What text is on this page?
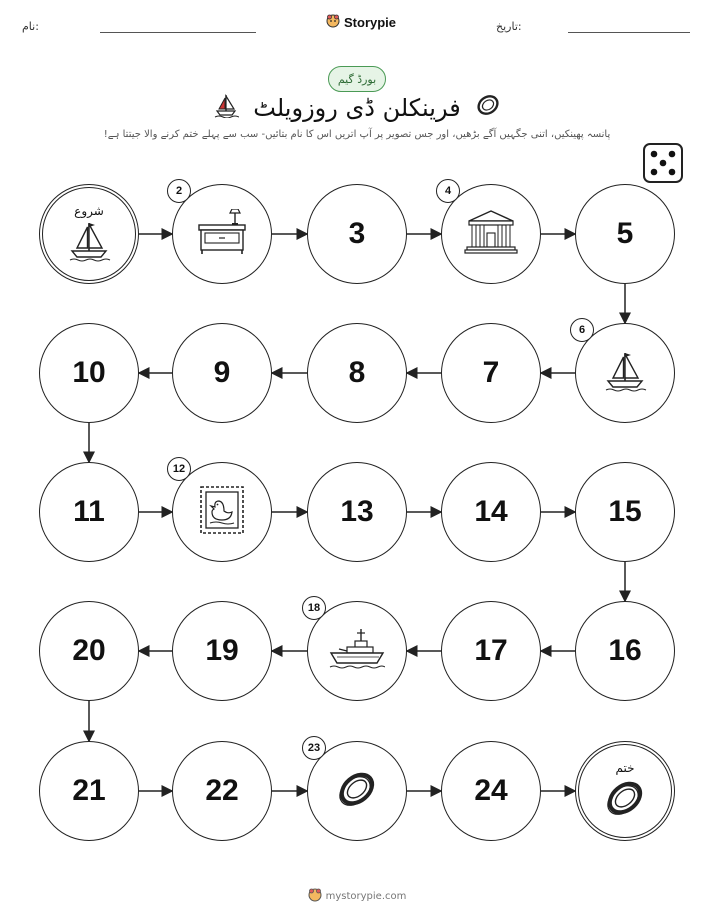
نام:	Storypie	تاریخ:
بورڈ گیم
فرینکلن ڈی روزویلٹ
پانسہ پھینکیں، اتنی جگہیں آگے بڑھیں، اور جس تصویر پر آپ اتریں اس کا نام بتائیں- سب سے پہلے ختم کرنے والا جیتتا ہے!
شروع
2
3
4
5
6
7
8
9
10
11
12
13	14	15
16
17
18
19
20
21	22
23
24
ختم
mystorypie.com
